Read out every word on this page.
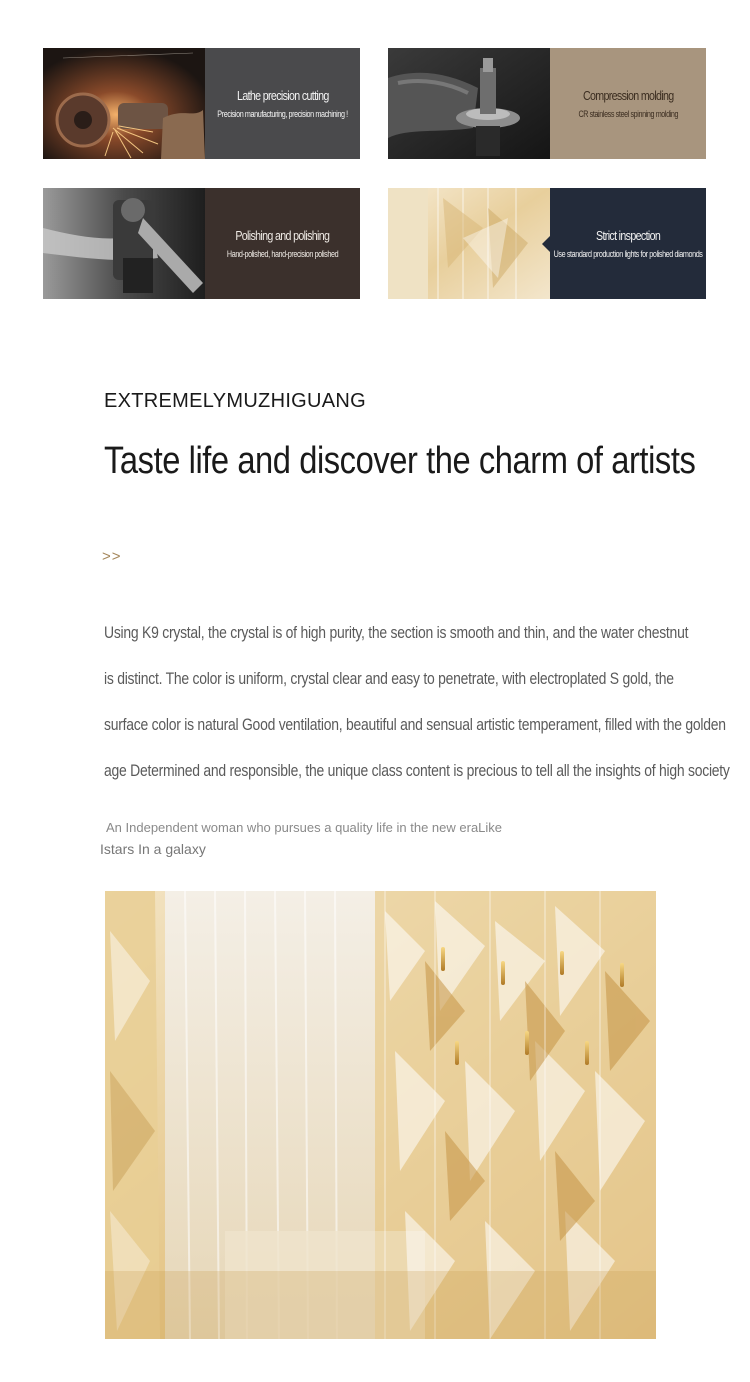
Lathe precision cutting
Precision manufacturing, precision machining !
Compression molding
CR stainless steel spinning molding
Polishing and polishing
Hand-polished, hand-precision polished
Strict inspection
Use standard production lights for polished diamonds
EXTREMELYMUZHIGUANG
Taste life and discover the charm of artists
>>
Using K9 crystal, the crystal is of high purity, the section is smooth and thin, and the water chestnut
is distinct. The color is uniform, crystal clear and easy to penetrate, with electroplated S gold, the
surface color is natural Good ventilation, beautiful and sensual artistic temperament, filled with the golden
age Determined and responsible, the unique class content is precious to tell all the insights of high society
An Independent woman who pursues a quality life in the new eraLike
Istars In a galaxy
